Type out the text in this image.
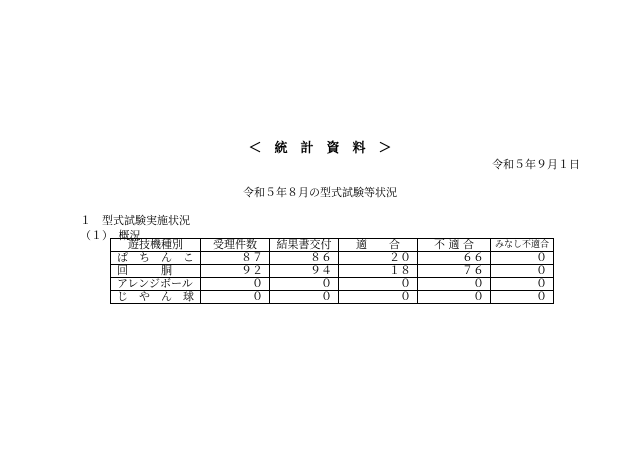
＜　統　計　資　料　＞
令和５年９月１日
令和５年８月の型式試験等状況
１　型式試験実施状況
（１）　概況
遊技機種別	受理件数	結果書交付	適　　合	不 適 合	みなし不適合
ぱ　ち　ん　こ	８７	８６	２０	６６	０
回　　　胴	９２	９４	１８	７６	０
アレンジボール	０	０	０	０	０
じ　や　ん　球	０	０	０	０	０
